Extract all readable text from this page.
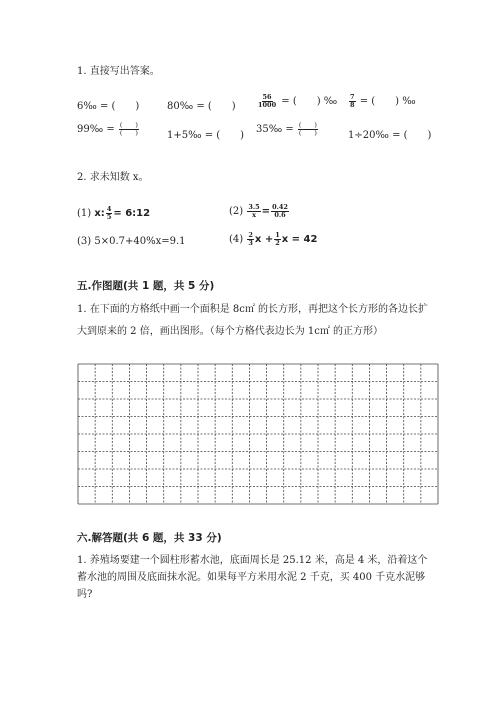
1. 直接写出答案。
6‰ = (　　)	80‰ = (　　)	$\frac{56}{1000}$ = (　　) ‰ $\frac{7}{8}$ = (　　) ‰
99‰ = $\frac{( )}{( )}$	1+5‰ = (　　)
35‰ = $\frac{( )}{( )}$	1÷20‰ = (　　)
2. 求未知数 x。
(1) x: $\frac{4}{5}$ = 6:12	$(2) \frac{3.5}{x} = \frac{0.42}{0.6}$
(3) 5×0.7+40%x=9.1	$(4) \frac{2}{3}$ $x + \frac{1}{2}$ x = 42
五.作图题(共 1 题，共 5 分)
1. 在下面的方格纸中画一个面积是 8c㎡ 的长方形，再把这个长方形的各边长扩
大到原来的 2 倍，画出图形。（每个方格代表边长为 1c㎡ 的正方形）
六.解答题(共 6 题，共 33 分)
1. 养殖场要建一个圆柱形蓄水池，底面周长是 25.12 米，高是 4 米，沿着这个
蓄水池的周围及底面抹水泥。如果每平方米用水泥 2 千克，买 400 千克水泥够
吗?
